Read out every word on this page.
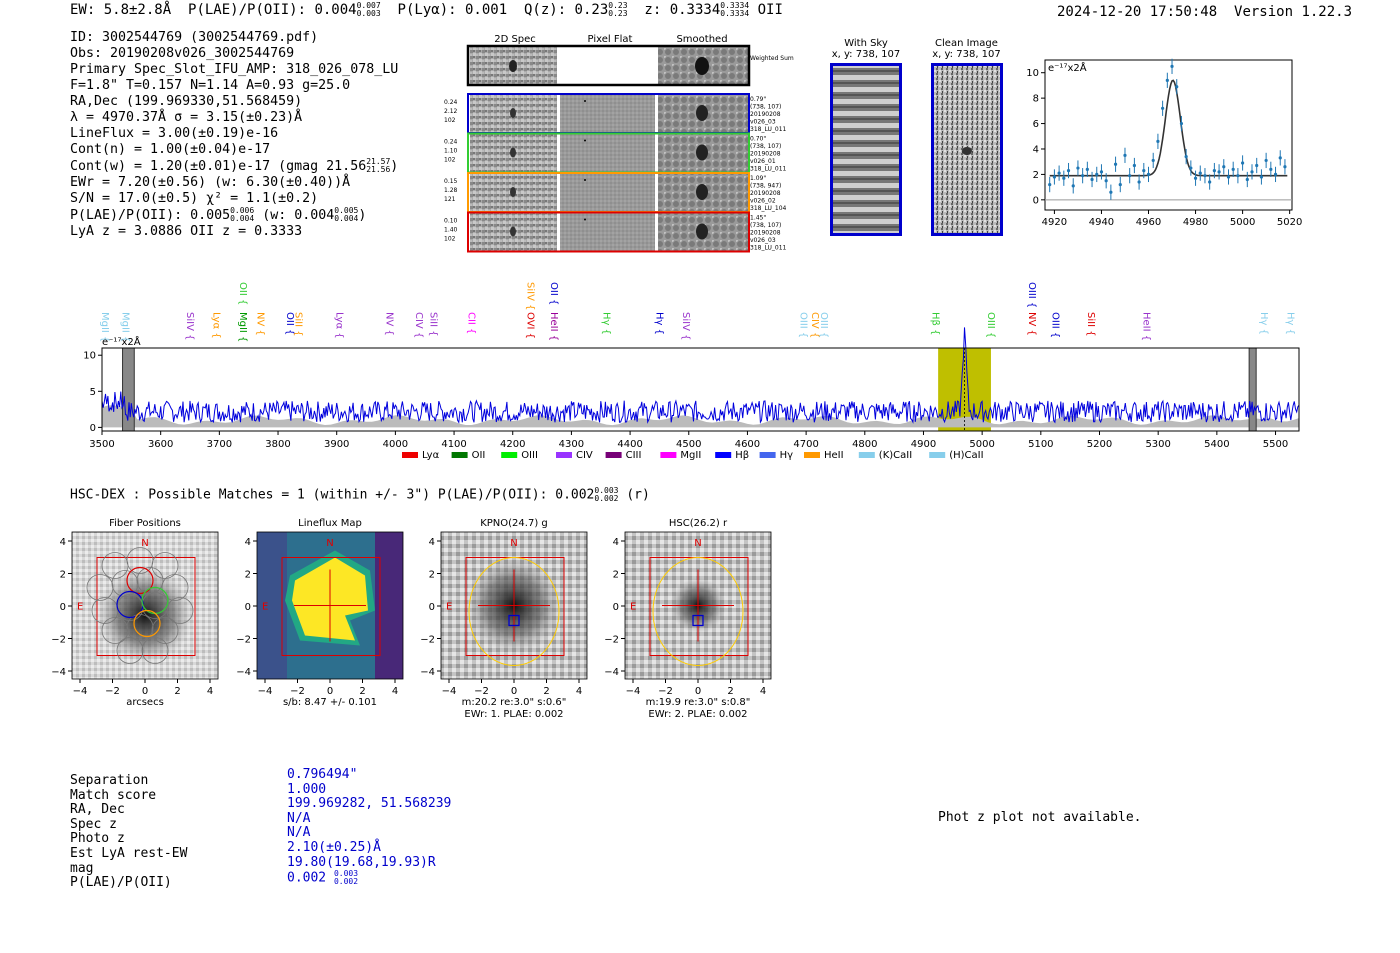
EW: 5.8±2.8Å P(LAE)/P(OII): 0.004 0.007
0.003 P(Lyα): 0.001 Q(z): 0.23 0.23
0.23 z: 0.3334 0.3334
0.3334 OII	2024-12-20 17:50:48 Version 1.22.3
ID: 3002544769 (3002544769.pdf)
Obs: 20190208v026_3002544769
Primary Spec_Slot_IFU_AMP: 318_026_078_LU
F=1.8" T=0.157 N=1.14 A=0.93 g=25.0
RA,Dec (199.969330,51.568459)
λ = 4970.37Å σ = 3.15(±0.23)Å
LineFlux = 3.00(±0.19)e-16
Cont(n) = 1.00(±0.04)e-17
Cont(w) = 1.20(±0.01)e-17 (gmag 21.56 21.57
21.56 )
EWr = 7.20(±0.56) (w: 6.30(±0.40))Å
S/N = 17.0(±0.5) χ² = 1.1(±0.2)
P(LAE)/P(OII): 0.005 0.006
0.004 (w: 0.004 0.005
0.004 )
LyA z = 3.0886 OII z = 0.3333
2D Spec	Pixel Flat	Smoothed
Weighted Sum
0.24
2.12
102
0.79"
(738, 107)
20190208
v026_03
318_LU_011
0.24
1.10
102
0.70"
(738, 107)
20190208
v026_01
318_LU_011
0.15
1.28
121
1.09"
(738, 947)
20190208
v026_02
318_LU_104
0.10
1.40
102
1.45"
(738, 107)
20190208
v026_03
318_LU_011
With Sky
x, y: 738, 107
Clean Image
x, y: 738, 107
4920 4940 4960 4980 5000 5020
0
2
4
6
8
10 e⁻¹⁷x2Å
3500	3600	3700	3800	3900	4000	4100	4200	4300	4400	4500	4600	4700	4800	4900	5000	5100	5200	5300	5400	5500
0
5
10
e⁻¹⁷x2Å
MgII { MgII {	SiIV { Lyα { MgII {
OII {
NV { OII {
SiII {	Lyα {	NV { CIV { SiII {	CII {	OVI {
SiIV { OII {
HeII {	Hγ {	Hγ { SiIV {	OIII { CIV {
OIII {	Hβ {	OIII {	NV {
OIII {
OIII { SiII {	HeII {	Hγ { Hγ {
Lyα	OII	OIII	CIV	CIII	MgII	Hβ	Hγ	HeII	(K)CaII	(H)CaII
HSC-DEX : Possible Matches = 1 (within +/- 3") P(LAE)/P(OII): 0.002 0.003
0.002 (r)
Fiber Positions
N
E
4
2
0
−2
−4
−4 −2 0	2	4
arcsecs
Lineflux Map
N
E
4
2
0
−2
−4
−4 −2 0	2	4
s/b: 8.47 +/- 0.101
KPNO(24.7) g
N
E
4
2
0
−2
−4
−4 −2 0	2	4
m:20.2 re:3.0" s:0.6"
EWr: 1. PLAE: 0.002
HSC(26.2) r
N
E
4
2
0
−2
−4
−4 −2 0	2	4
m:19.9 re:3.0" s:0.8"
EWr: 2. PLAE: 0.002
Separation	0.796494"
Match score	1.000
RA, Dec	199.969282, 51.568239
Spec z	N/A
Photo z	N/A
Est LyA rest-EW	2.10(±0.25)Å
mag	19.80(19.68,19.93)R
P(LAE)/P(OII)	0.002 0.003
0.002
Phot z plot not available.
